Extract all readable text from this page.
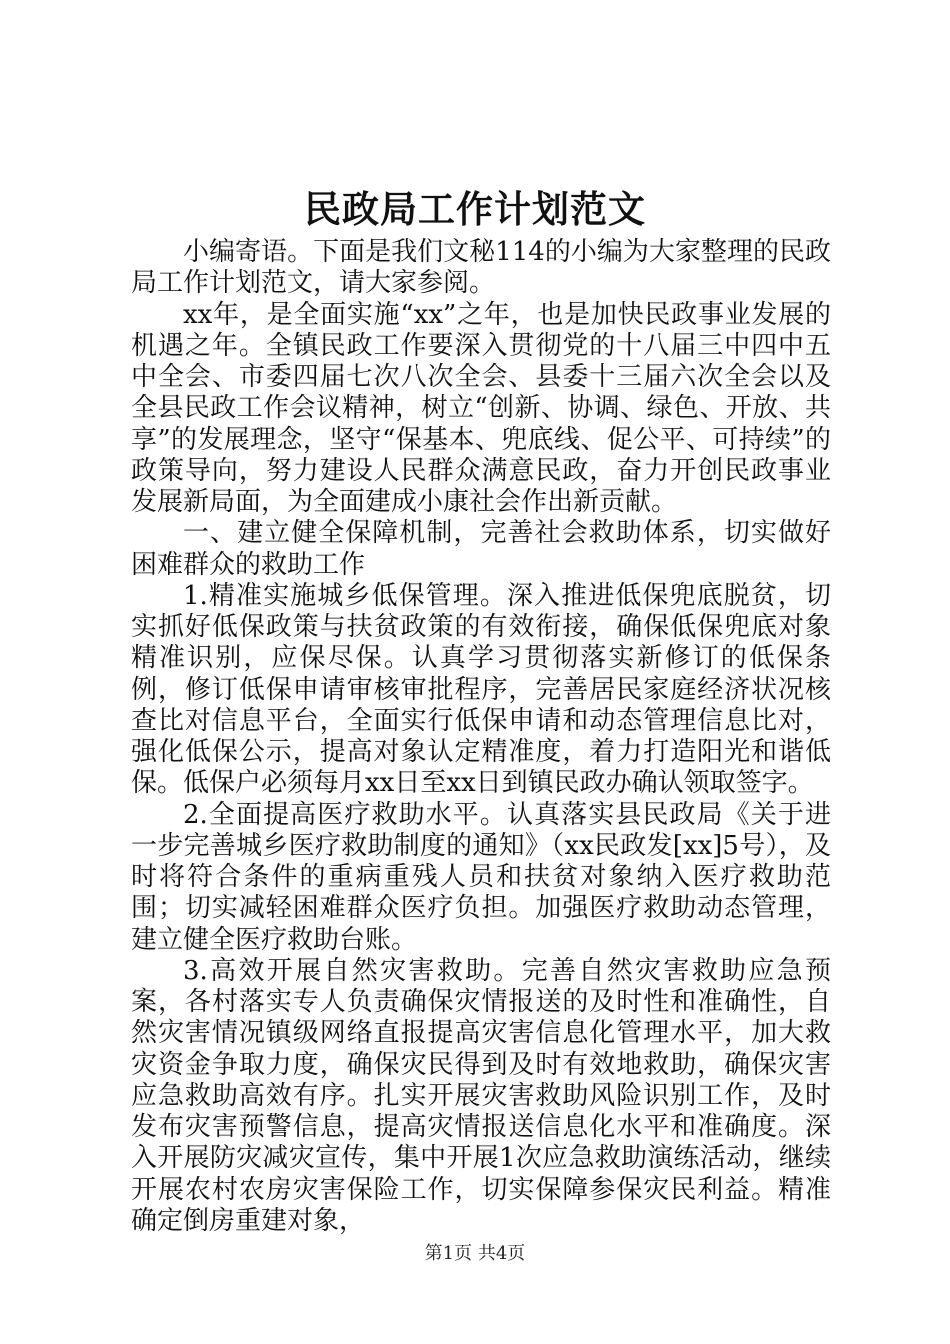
民政局工作计划范文

小编寄语。下面是我们文秘114的小编为大家整理的民政局工作计划范文，请大家参阅。

xx年，是全面实施“xx”之年，也是加快民政事业发展的机遇之年。全镇民政工作要深入贯彻党的十八届三中四中五中全会、市委四届七次八次全会、县委十三届六次全会以及全县民政工作会议精神，树立“创新、协调、绿色、开放、共享”的发展理念，坚守“保基本、兜底线、促公平、可持续”的政策导向，努力建设人民群众满意民政，奋力开创民政事业发展新局面，为全面建成小康社会作出新贡献。

一、建立健全保障机制，完善社会救助体系，切实做好困难群众的救助工作

1.精准实施城乡低保管理。深入推进低保兜底脱贫，切实抓好低保政策与扶贫政策的有效衔接，确保低保兜底对象精准识别，应保尽保。认真学习贯彻落实新修订的低保条例，修订低保申请审核审批程序，完善居民家庭经济状况核查比对信息平台，全面实行低保申请和动态管理信息比对，强化低保公示，提高对象认定精准度，着力打造阳光和谐低保。低保户必须每月xx日至xx日到镇民政办确认领取签字。

2.全面提高医疗救助水平。认真落实县民政局《关于进一步完善城乡医疗救助制度的通知》（xx民政发[xx]5号），及时将符合条件的重病重残人员和扶贫对象纳入医疗救助范围；切实减轻困难群众医疗负担。加强医疗救助动态管理，建立健全医疗救助台账。

3.高效开展自然灾害救助。完善自然灾害救助应急预案，各村落实专人负责确保灾情报送的及时性和准确性，自然灾害情况镇级网络直报提高灾害信息化管理水平，加大救灾资金争取力度，确保灾民得到及时有效地救助，确保灾害应急救助高效有序。扎实开展灾害救助风险识别工作，及时发布灾害预警信息，提高灾情报送信息化水平和准确度。深入开展防灾减灾宣传，集中开展1次应急救助演练活动，继续开展农村农房灾害保险工作，切实保障参保灾民利益。精准确定倒房重建对象，

第1页 共4页
